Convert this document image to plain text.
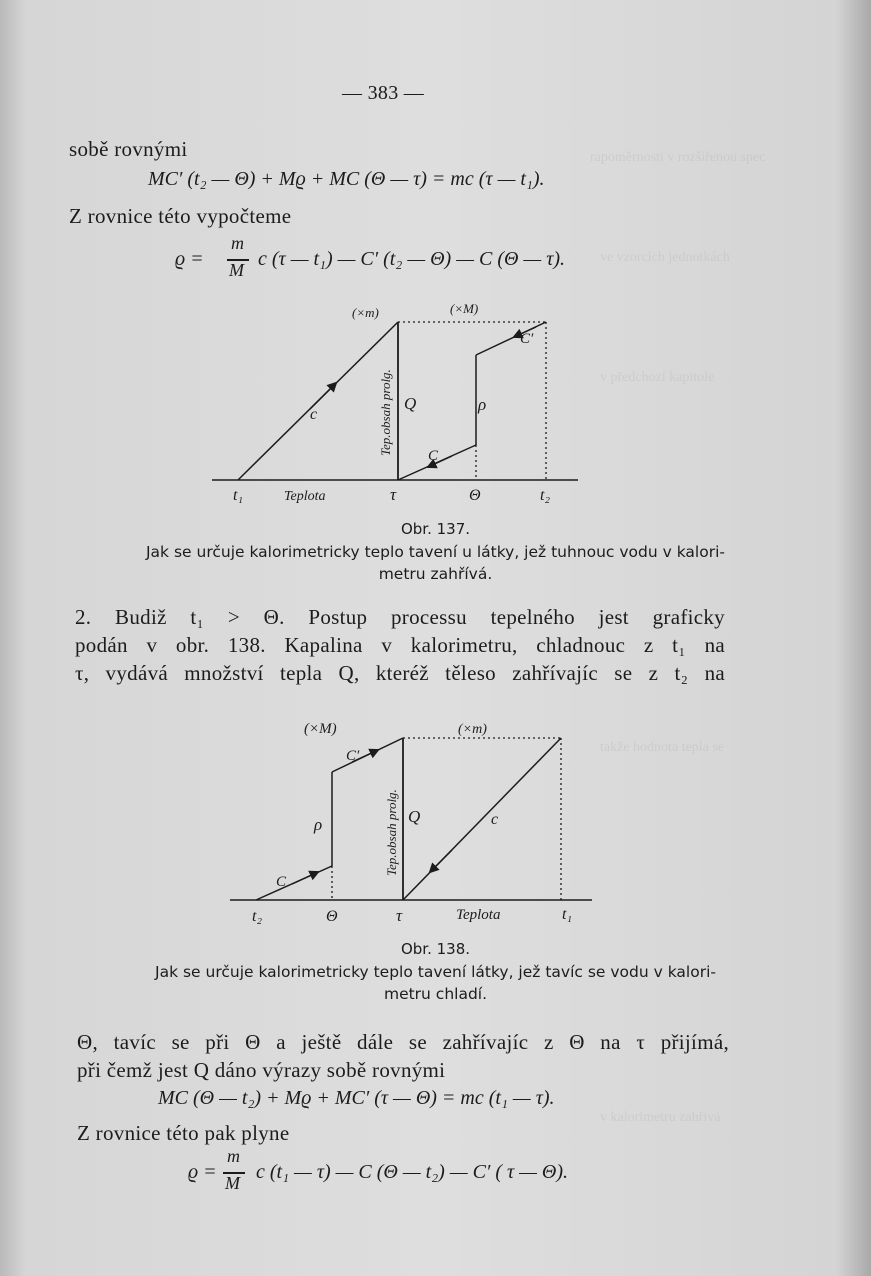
rapoměrnosti v rozšířenou spec
ve vzorcích jednotkách
v předchozí kapitole
takže hodnota tepla se
v kalorimetru zahřívá
— 383 —
sobě rovnými
MC′ (t₂ — Θ) + Mϱ + MC (Θ — τ) = mc (τ — t₁).
Z rovnice této vypočteme
ϱ =
m
M c (τ — t₁) — C′ (t₂ — Θ) — C (Θ — τ).
(×m)	(×M)
c
Q	ρ
C
C′
Tep.obsah prolg.
t₁	Teplota	τ	Θ	t₂
Obr. 137.
Jak se určuje kalorimetricky teplo tavení u látky, jež tuhnouc vodu v kalori-
metru zahřívá.
2. Budiž t₁ > Θ. Postup processu tepelného jest graficky
podán v obr. 138. Kapalina v kalorimetru, chladnouc z t₁ na
τ, vydává množství tepla Q, kteréž těleso zahřívajíc se z t₂ na
(×M)	(×m)
C′
ρ
C
Q	c
Tep.obsah prolg.
t₂	Θ	τ	Teplota	t₁
Obr. 138.
Jak se určuje kalorimetricky teplo tavení látky, jež tavíc se vodu v kalori-
metru chladí.
Θ, tavíc se při Θ a ještě dále se zahřívajíc z Θ na τ přijímá,
při čemž jest Q dáno výrazy sobě rovnými
MC (Θ — t₂) + Mϱ + MC′ (τ — Θ) = mc (t₁ — τ).
Z rovnice této pak plyne
ϱ =
m
M c (t₁ — τ) — C (Θ — t₂) — C′ ( τ — Θ).
